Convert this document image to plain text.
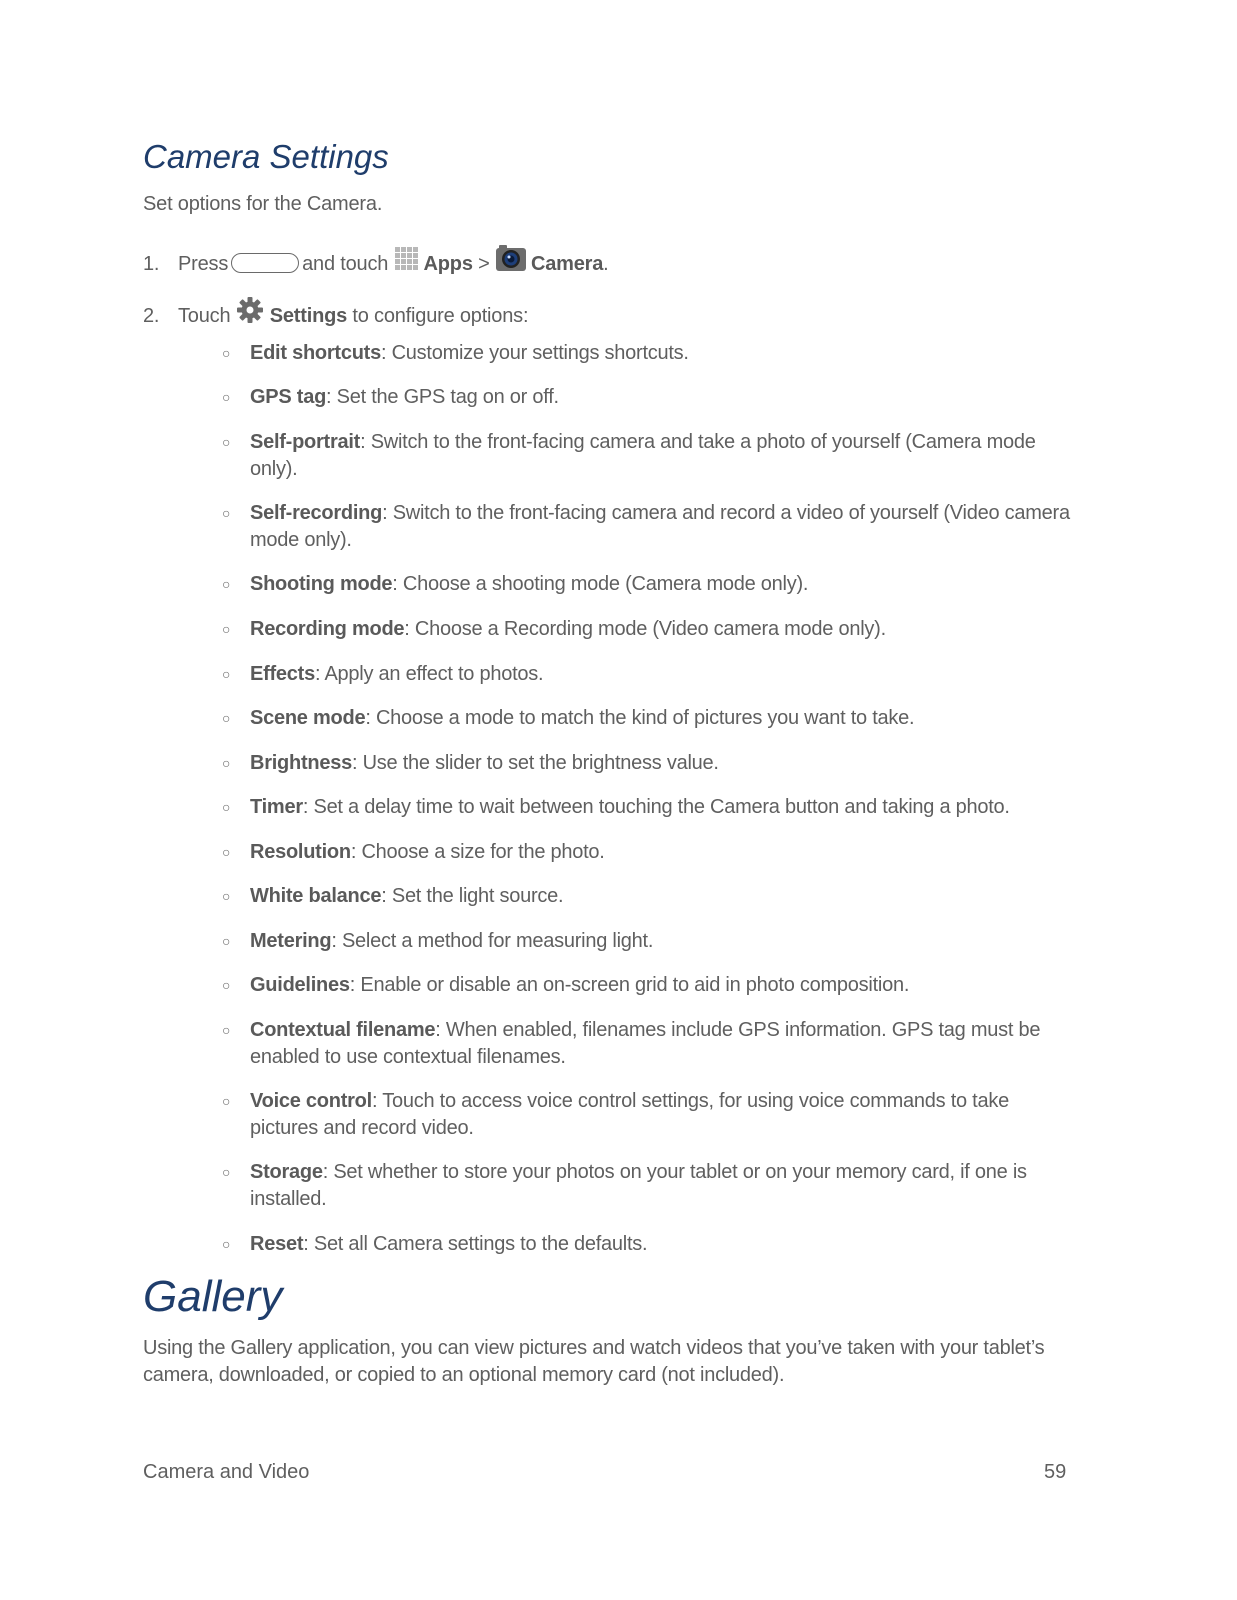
Camera Settings

Set options for the Camera.

1. Press	and touch Apps > Camera.
2. Touch Settings to configure options:
○ Edit shortcuts: Customize your settings shortcuts.
○ GPS tag: Set the GPS tag on or off.
○ Self-portrait: Switch to the front-facing camera and take a photo of yourself (Camera mode only).
○ Self-recording: Switch to the front-facing camera and record a video of yourself (Video camera mode only).
○ Shooting mode: Choose a shooting mode (Camera mode only).
○ Recording mode: Choose a Recording mode (Video camera mode only).
○ Effects: Apply an effect to photos.
○ Scene mode: Choose a mode to match the kind of pictures you want to take.
○ Brightness: Use the slider to set the brightness value.
○ Timer: Set a delay time to wait between touching the Camera button and taking a photo.
○ Resolution: Choose a size for the photo.
○ White balance: Set the light source.
○ Metering: Select a method for measuring light.
○ Guidelines: Enable or disable an on-screen grid to aid in photo composition.
○ Contextual filename: When enabled, filenames include GPS information. GPS tag must be enabled to use contextual filenames.
○ Voice control: Touch to access voice control settings, for using voice commands to take pictures and record video.
○ Storage: Set whether to store your photos on your tablet or on your memory card, if one is installed.
○ Reset: Set all Camera settings to the defaults.
Gallery

Using the Gallery application, you can view pictures and watch videos that you’ve taken with your tablet’s camera, downloaded, or copied to an optional memory card (not included).

Camera and Video	59
